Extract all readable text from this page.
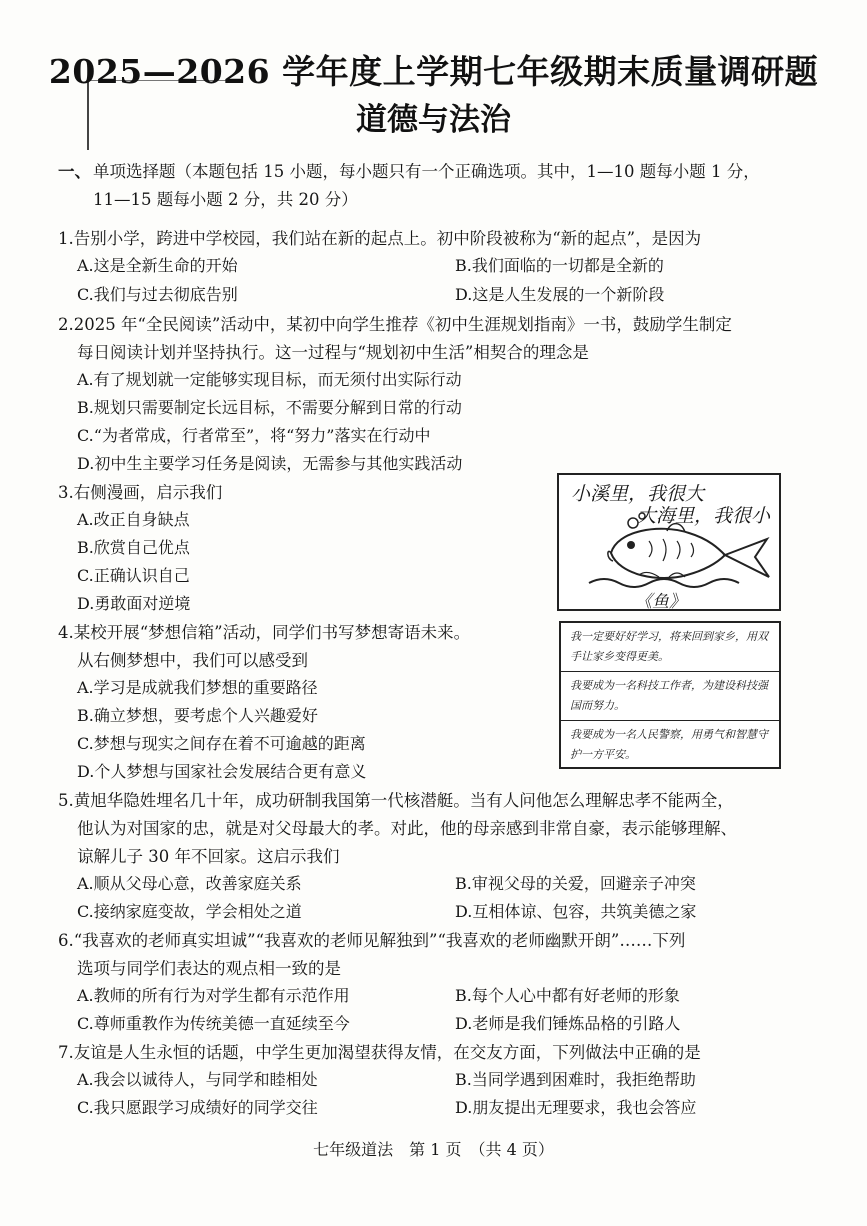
2025—2026 学年度上学期七年级期末质量调研题
道德与法治
一、 单项选择题（本题包括 15 小题，每小题只有一个正确选项。其中，1—10 题每小题 1 分，
11—15 题每小题 2 分，共 20 分）
1.告别小学，跨进中学校园，我们站在新的起点上。初中阶段被称为“新的起点”，是因为
A.这是全新生命的开始	B.我们面临的一切都是全新的
C.我们与过去彻底告别	D.这是人生发展的一个新阶段
2.2025 年“全民阅读”活动中，某初中向学生推荐《初中生涯规划指南》一书，鼓励学生制定
每日阅读计划并坚持执行。这一过程与“规划初中生活”相契合的理念是
A.有了规划就一定能够实现目标，而无须付出实际行动
B.规划只需要制定长远目标，不需要分解到日常的行动
C.“为者常成，行者常至”，将“努力”落实在行动中
D.初中生主要学习任务是阅读，无需参与其他实践活动
3.右侧漫画，启示我们
A.改正自身缺点
B.欣赏自己优点
C.正确认识自己
D.勇敢面对逆境
小溪里，我很大
大海里，我很小
《鱼》
4.某校开展“梦想信箱”活动，同学们书写梦想寄语未来。
从右侧梦想中，我们可以感受到
A.学习是成就我们梦想的重要路径
B.确立梦想，要考虑个人兴趣爱好
C.梦想与现实之间存在着不可逾越的距离
D.个人梦想与国家社会发展结合更有意义
我一定要好好学习，将来回到家乡，用双手让家乡变得更美。
我要成为一名科技工作者，为建设科技强国而努力。
我要成为一名人民警察，用勇气和智慧守护一方平安。
5.黄旭华隐姓埋名几十年，成功研制我国第一代核潜艇。当有人问他怎么理解忠孝不能两全，
他认为对国家的忠，就是对父母最大的孝。对此，他的母亲感到非常自豪，表示能够理解、
谅解儿子 30 年不回家。这启示我们
A.顺从父母心意，改善家庭关系	B.审视父母的关爱，回避亲子冲突
C.接纳家庭变故，学会相处之道	D.互相体谅、包容，共筑美德之家
6.“我喜欢的老师真实坦诚”“我喜欢的老师见解独到”“我喜欢的老师幽默开朗”……下列
选项与同学们表达的观点相一致的是
A.教师的所有行为对学生都有示范作用	B.每个人心中都有好老师的形象
C.尊师重教作为传统美德一直延续至今	D.老师是我们锤炼品格的引路人
7.友谊是人生永恒的话题，中学生更加渴望获得友情，在交友方面，下列做法中正确的是
A.我会以诚待人，与同学和睦相处	B.当同学遇到困难时，我拒绝帮助
C.我只愿跟学习成绩好的同学交往	D.朋友提出无理要求，我也会答应
七年级道法　第 1 页　（共 4 页）
